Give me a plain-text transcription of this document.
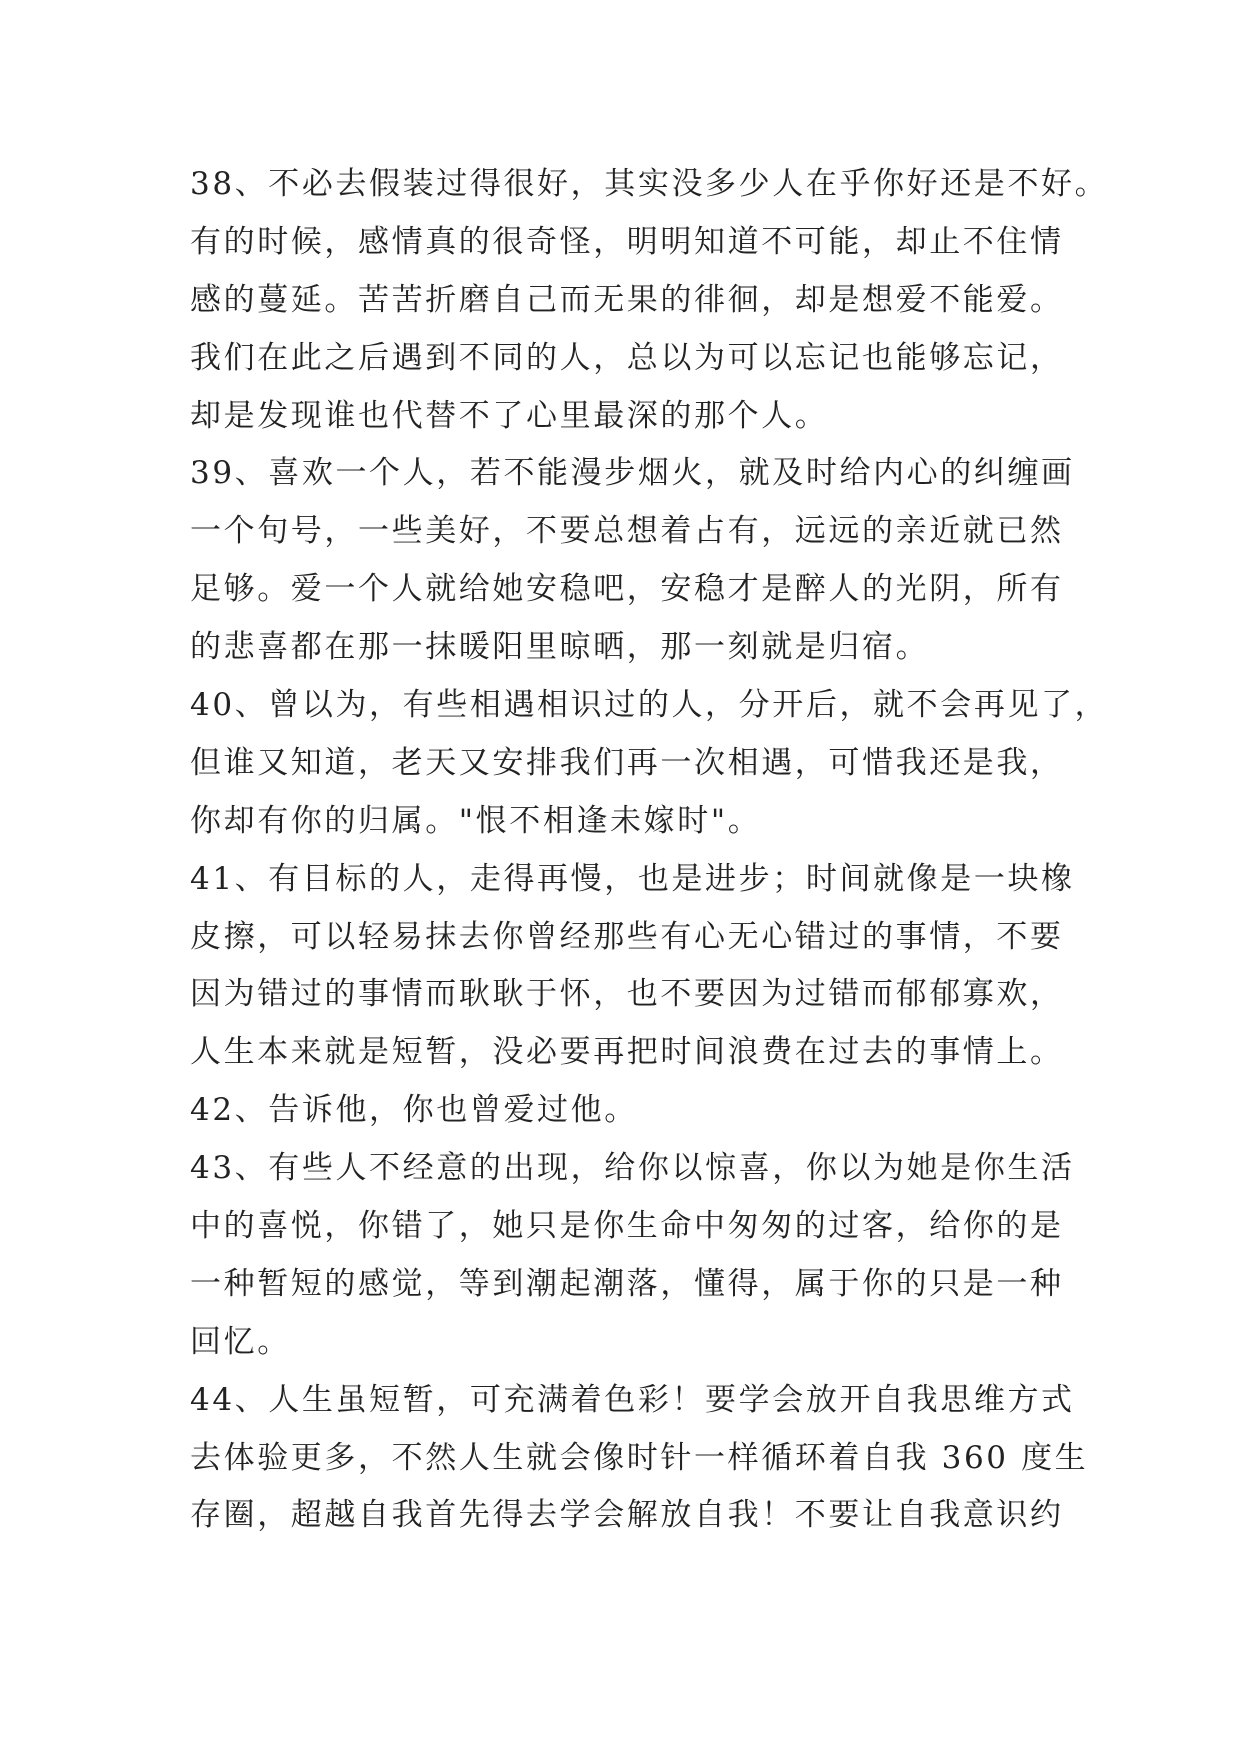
38、不必去假装过得很好，其实没多少人在乎你好还是不好。
有的时候，感情真的很奇怪，明明知道不可能，却止不住情
感的蔓延。苦苦折磨自己而无果的徘徊，却是想爱不能爱。
我们在此之后遇到不同的人，总以为可以忘记也能够忘记，
却是发现谁也代替不了心里最深的那个人。
39、喜欢一个人，若不能漫步烟火，就及时给内心的纠缠画
一个句号，一些美好，不要总想着占有，远远的亲近就已然
足够。爱一个人就给她安稳吧，安稳才是醉人的光阴，所有
的悲喜都在那一抹暖阳里晾晒，那一刻就是归宿。
40、曾以为，有些相遇相识过的人，分开后，就不会再见了，
但谁又知道，老天又安排我们再一次相遇，可惜我还是我，
你却有你的归属。"恨不相逢未嫁时"。
41、有目标的人，走得再慢，也是进步；时间就像是一块橡
皮擦，可以轻易抹去你曾经那些有心无心错过的事情，不要
因为错过的事情而耿耿于怀，也不要因为过错而郁郁寡欢，
人生本来就是短暂，没必要再把时间浪费在过去的事情上。
42、告诉他，你也曾爱过他。
43、有些人不经意的出现，给你以惊喜，你以为她是你生活
中的喜悦，你错了，她只是你生命中匆匆的过客，给你的是
一种暂短的感觉，等到潮起潮落，懂得，属于你的只是一种
回忆。
44、人生虽短暂，可充满着色彩！要学会放开自我思维方式
去体验更多，不然人生就会像时针一样循环着自我 360 度生
存圈，超越自我首先得去学会解放自我！不要让自我意识约
